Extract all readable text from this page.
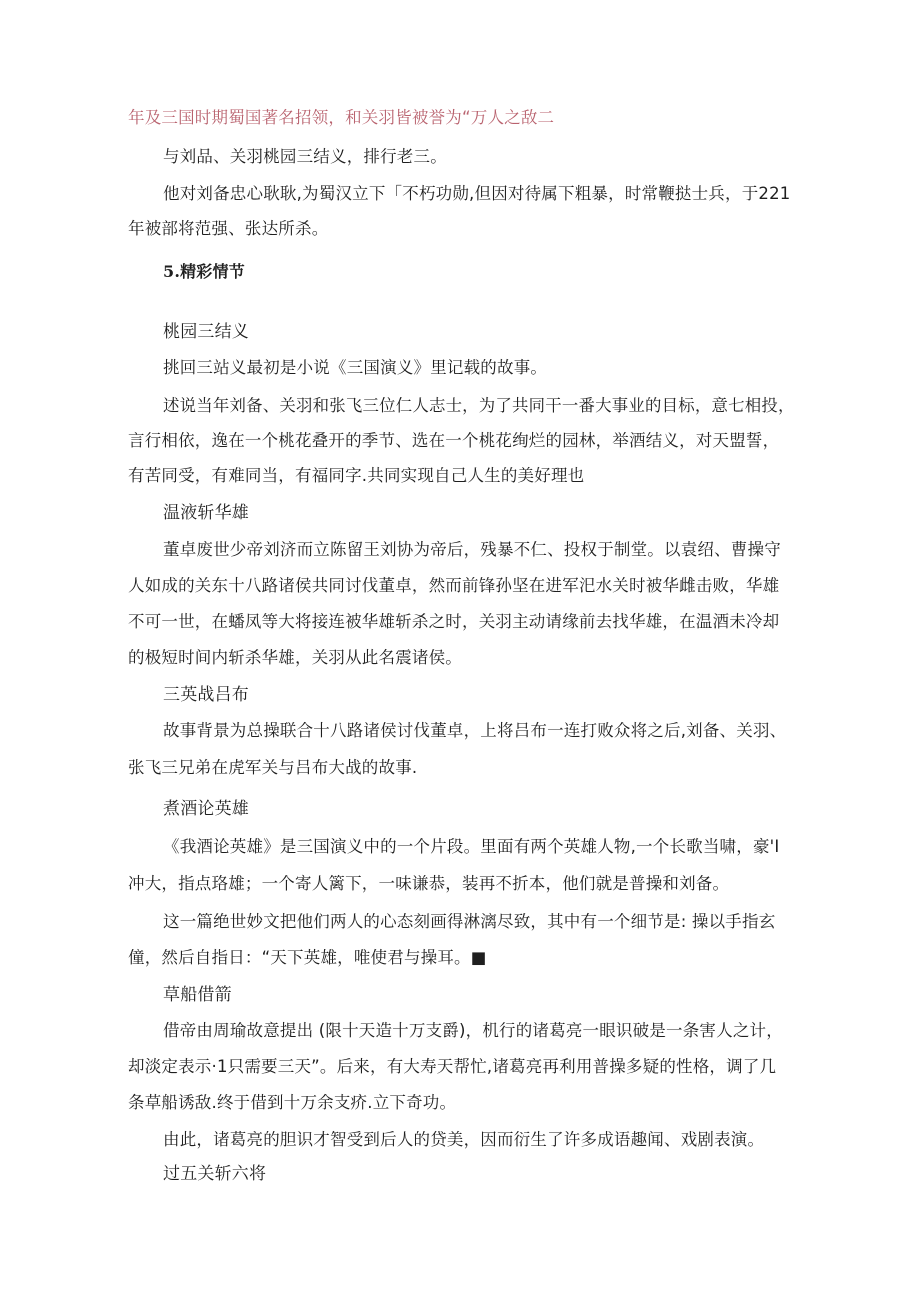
年及三国时期蜀国著名招领，和关羽皆被誉为“万人之敌二
与刘品、关羽桃园三结义，排行老三。
他对刘备忠心耿耿,为蜀汉立下「不朽功勋,但因对待属下粗暴，时常鞭挞士兵，于221
年被部将范强、张达所杀。
5.精彩情节
桃园三结义
挑回三站义最初是小说《三国演义》里记载的故事。
述说当年刘备、关羽和张飞三位仁人志士，为了共同干一番大事业的目标，意七相投，
言行相依，逸在一个桃花叠开的季节、选在一个桃花绚烂的园林，举酒结义，对天盟誓，
有苦同受，有难同当，有福同字.共同实现自己人生的美好理也
温液斩华雄
董卓废世少帝刘济而立陈留王刘协为帝后，残暴不仁、投权于制堂。以袁绍、曹操守
人如成的关东十八路诸侯共同讨伐董卓，然而前锋孙坚在进军汜水关时被华雌击败，华雄
不可一世，在蟠凤等大将接连被华雄斩杀之时，关羽主动请缘前去找华雄，在温酒未冷却
的极短时间内斩杀华雄，关羽从此名震诸侯。
三英战吕布
故事背景为总操联合十八路诸侯讨伐董卓，上将吕布一连打败众将之后,刘备、关羽、
张飞三兄弟在虎军关与吕布大战的故事.
煮酒论英雄
《我酒论英雄》是三国演义中的一个片段。里面有两个英雄人物,一个长歌当啸，豪'I
冲大，指点珞雄；一个寄人篱下，一味谦恭，装再不折本，他们就是普操和刘备。
这一篇绝世妙文把他们两人的心态刻画得淋漓尽致，其中有一个细节是: 操以手指玄
僮，然后自指日：“天下英雄，唯使君与操耳。■
草船借箭
借帝由周瑜故意提出 (限十天造十万支爵)，机行的诸葛亮一眼识破是一条害人之计，
却淡定表示·1只需要三天”。后来，有大寿天帮忙,诸葛亮再利用普操多疑的性格，调了几
条草船诱敌.终于借到十万余支疥.立下奇功。
由此，诸葛亮的胆识才智受到后人的贷美，因而衍生了许多成语趣闻、戏剧表演。
过五关斩六将
